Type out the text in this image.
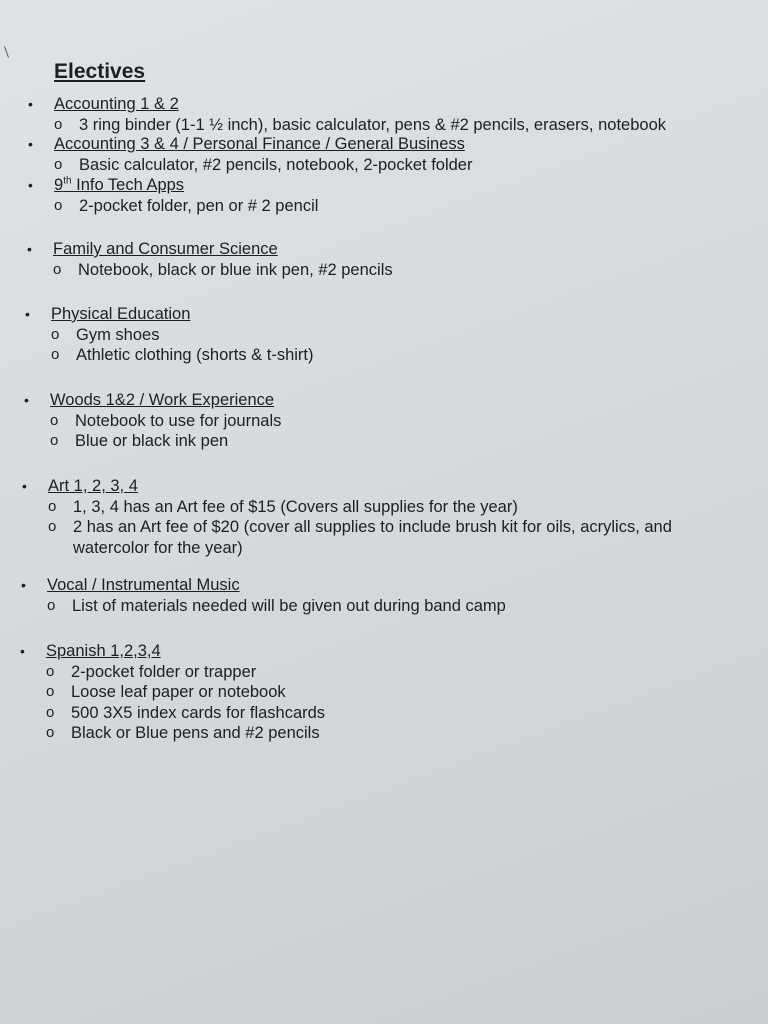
Electives
•	Accounting 1 & 2
o 3 ring binder (1-1 ½ inch), basic calculator, pens & #2 pencils, erasers, notebook
•	Accounting 3 & 4 / Personal Finance / General Business
o Basic calculator, #2 pencils, notebook, 2-pocket folder
•	9th Info Tech Apps
o 2-pocket folder, pen or # 2 pencil
•	Family and Consumer Science
o Notebook, black or blue ink pen, #2 pencils
•	Physical Education
o Gym shoes
o Athletic clothing (shorts & t-shirt)
•	Woods 1&2 / Work Experience
o Notebook to use for journals
o Blue or black ink pen
•	Art 1, 2, 3, 4
o 1, 3, 4 has an Art fee of $15 (Covers all supplies for the year)
o 2 has an Art fee of $20 (cover all supplies to include brush kit for oils, acrylics, and watercolor for the year)
•	Vocal / Instrumental Music
o List of materials needed will be given out during band camp
•	Spanish 1,2,3,4
o 2-pocket folder or trapper
o Loose leaf paper or notebook
o 500 3X5 index cards for flashcards
o Black or Blue pens and #2 pencils
